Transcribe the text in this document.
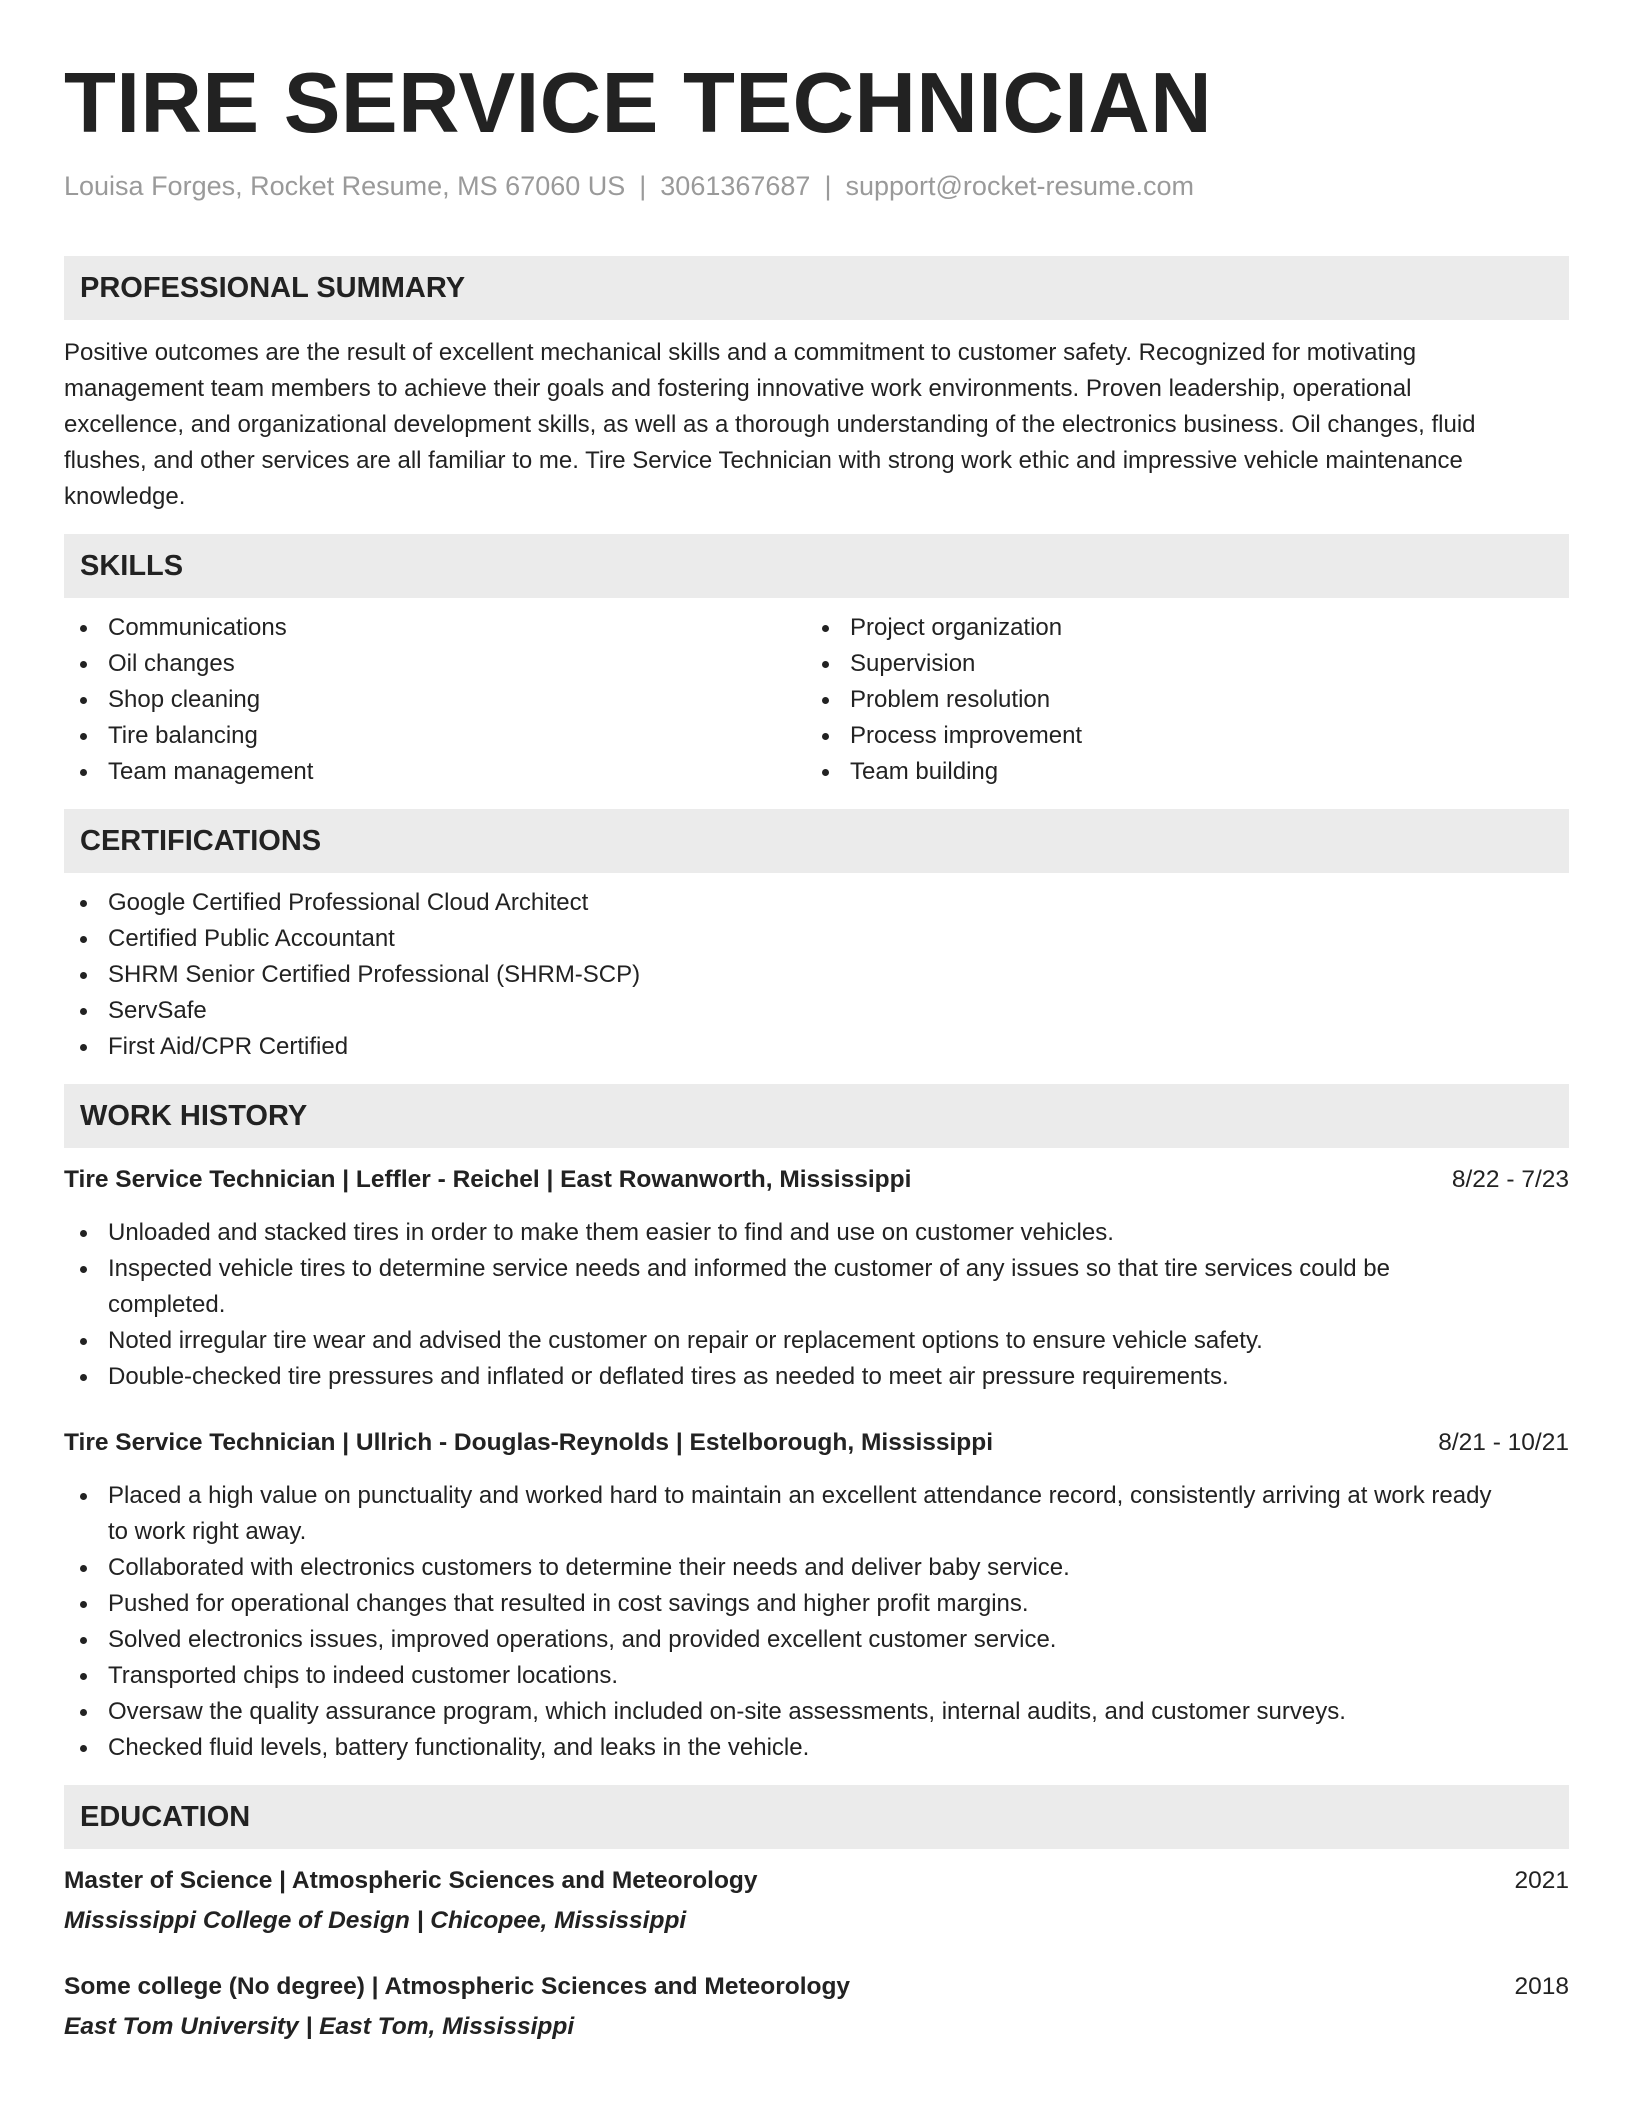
TIRE SERVICE TECHNICIAN
Louisa Forges, Rocket Resume, MS 67060 US | 3061367687 | support@rocket-resume.com
PROFESSIONAL SUMMARY
Positive outcomes are the result of excellent mechanical skills and a commitment to customer safety. Recognized for motivating
management team members to achieve their goals and fostering innovative work environments. Proven leadership, operational
excellence, and organizational development skills, as well as a thorough understanding of the electronics business. Oil changes, fluid
flushes, and other services are all familiar to me. Tire Service Technician with strong work ethic and impressive vehicle maintenance
knowledge.
SKILLS
Communications
Oil changes
Shop cleaning
Tire balancing
Team management
Project organization
Supervision
Problem resolution
Process improvement
Team building
CERTIFICATIONS
Google Certified Professional Cloud Architect
Certified Public Accountant
SHRM Senior Certified Professional (SHRM-SCP)
ServSafe
First Aid/CPR Certified
WORK HISTORY
Tire Service Technician | Leffler - Reichel | East Rowanworth, Mississippi	8/22 - 7/23
Unloaded and stacked tires in order to make them easier to find and use on customer vehicles.
Inspected vehicle tires to determine service needs and informed the customer of any issues so that tire services could be
completed.
Noted irregular tire wear and advised the customer on repair or replacement options to ensure vehicle safety.
Double-checked tire pressures and inflated or deflated tires as needed to meet air pressure requirements.
Tire Service Technician | Ullrich - Douglas-Reynolds | Estelborough, Mississippi	8/21 - 10/21
Placed a high value on punctuality and worked hard to maintain an excellent attendance record, consistently arriving at work ready
to work right away.
Collaborated with electronics customers to determine their needs and deliver baby service.
Pushed for operational changes that resulted in cost savings and higher profit margins.
Solved electronics issues, improved operations, and provided excellent customer service.
Transported chips to indeed customer locations.
Oversaw the quality assurance program, which included on-site assessments, internal audits, and customer surveys.
Checked fluid levels, battery functionality, and leaks in the vehicle.
EDUCATION
Master of Science | Atmospheric Sciences and Meteorology	2021
Mississippi College of Design | Chicopee, Mississippi
Some college (No degree) | Atmospheric Sciences and Meteorology	2018
East Tom University | East Tom, Mississippi
